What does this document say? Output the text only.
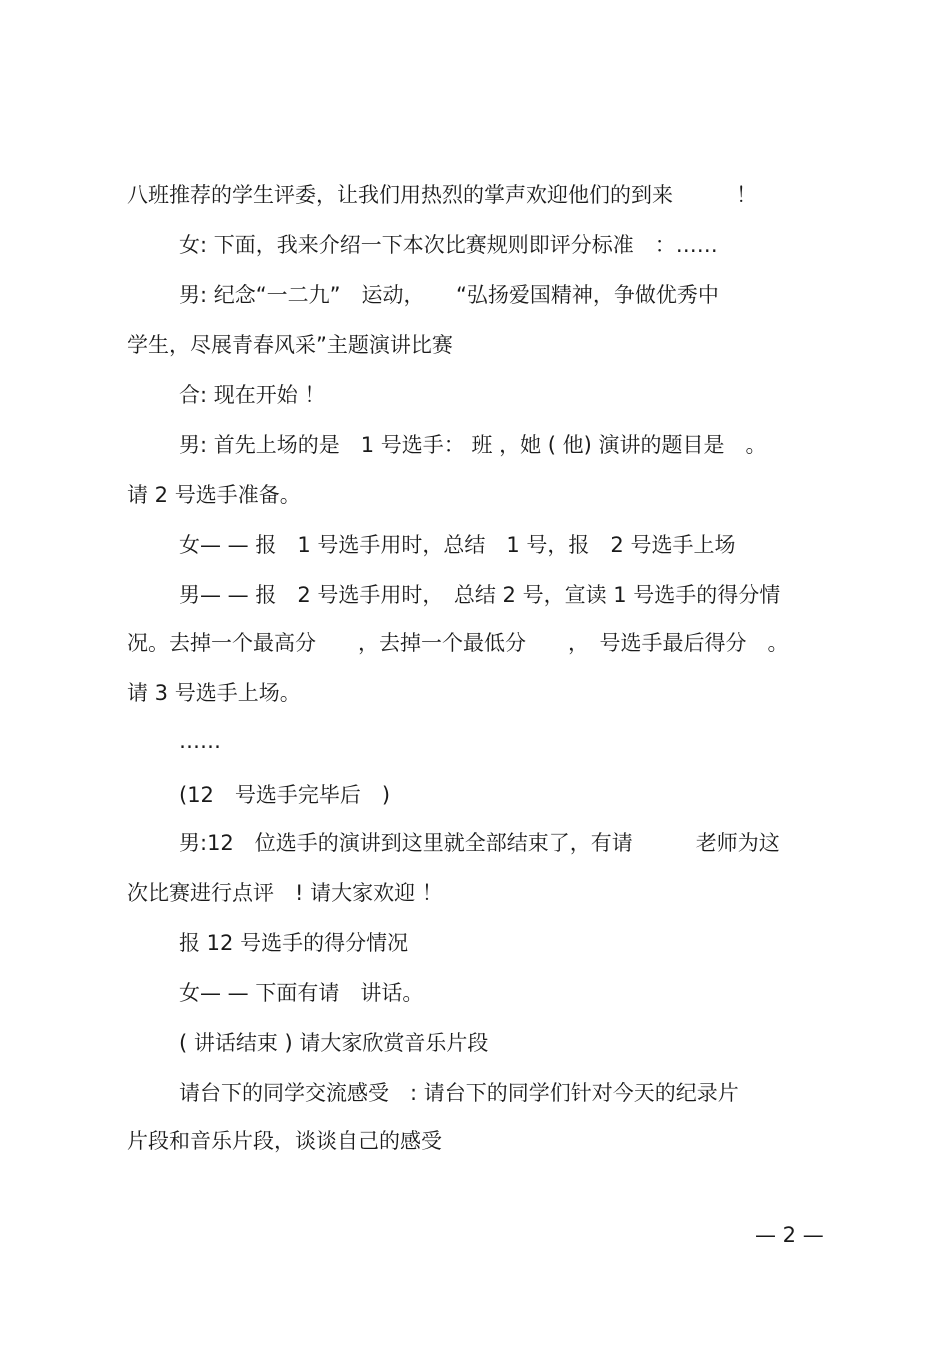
八班推荐的学生评委，让我们用热烈的掌声欢迎他们的到来　　　！

女: 下面，我来介绍一下本次比赛规则即评分标准　：……

男: 纪念“一二九”　运动，　　“弘扬爱国精神，争做优秀中

学生，尽展青春风采”主题演讲比赛

合: 现在开始 ！

男: 首先上场的是　1 号选手： 班 ，她 ( 他) 演讲的题目是　。

请 2 号选手准备。

女— — 报　1 号选手用时，总结　1 号，报　2 号选手上场

男— — 报　2 号选手用时，　总结 2 号，宣读 1 号选手的得分情

况。去掉一个最高分　　，去掉一个最低分　　，　号选手最后得分　。

请 3 号选手上场。

……

(12　号选手完毕后　)

男:12　位选手的演讲到这里就全部结束了，有请　　　老师为这

次比赛进行点评　! 请大家欢迎 ！

报 12 号选手的得分情况

女— — 下面有请　讲话。

( 讲话结束 ) 请大家欣赏音乐片段

请台下的同学交流感受　: 请台下的同学们针对今天的纪录片

片段和音乐片段，谈谈自己的感受

— 2 —
